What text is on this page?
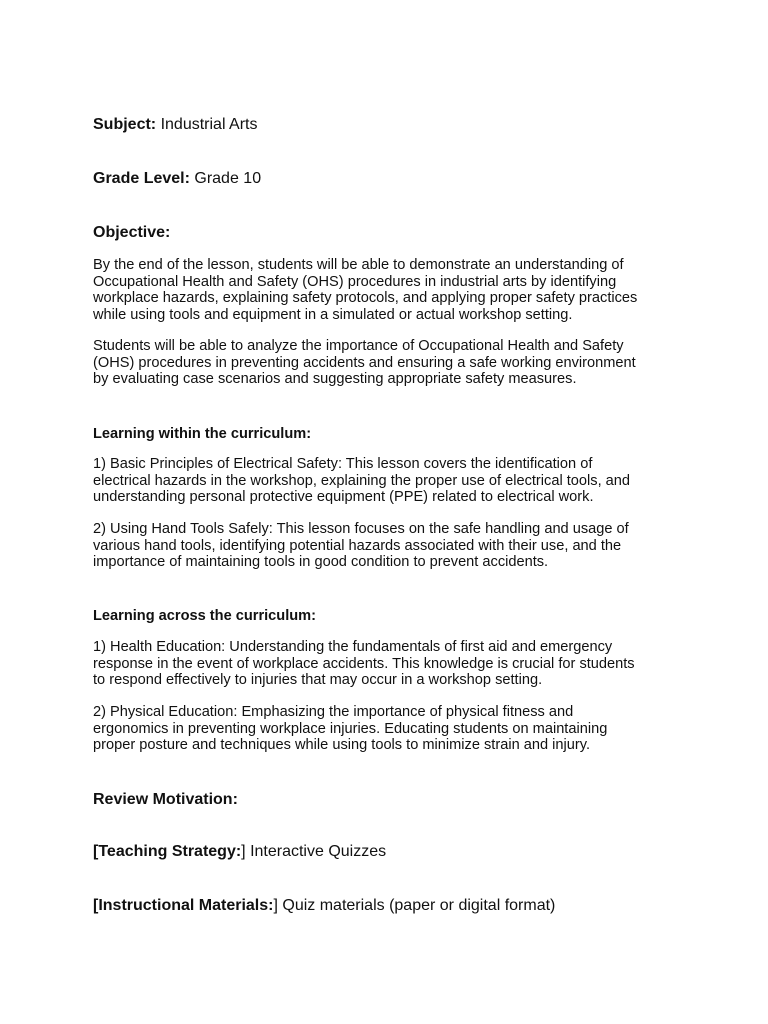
Subject: Industrial Arts
Grade Level: Grade 10
Objective:
By the end of the lesson, students will be able to demonstrate an understanding of
Occupational Health and Safety (OHS) procedures in industrial arts by identifying
workplace hazards, explaining safety protocols, and applying proper safety practices
while using tools and equipment in a simulated or actual workshop setting.
Students will be able to analyze the importance of Occupational Health and Safety
(OHS) procedures in preventing accidents and ensuring a safe working environment
by evaluating case scenarios and suggesting appropriate safety measures.
Learning within the curriculum:
1) Basic Principles of Electrical Safety: This lesson covers the identification of
electrical hazards in the workshop, explaining the proper use of electrical tools, and
understanding personal protective equipment (PPE) related to electrical work.
2) Using Hand Tools Safely: This lesson focuses on the safe handling and usage of
various hand tools, identifying potential hazards associated with their use, and the
importance of maintaining tools in good condition to prevent accidents.
Learning across the curriculum:
1) Health Education: Understanding the fundamentals of first aid and emergency
response in the event of workplace accidents. This knowledge is crucial for students
to respond effectively to injuries that may occur in a workshop setting.
2) Physical Education: Emphasizing the importance of physical fitness and
ergonomics in preventing workplace injuries. Educating students on maintaining
proper posture and techniques while using tools to minimize strain and injury.
Review Motivation:
[Teaching Strategy:] Interactive Quizzes
[Instructional Materials:] Quiz materials (paper or digital format)
